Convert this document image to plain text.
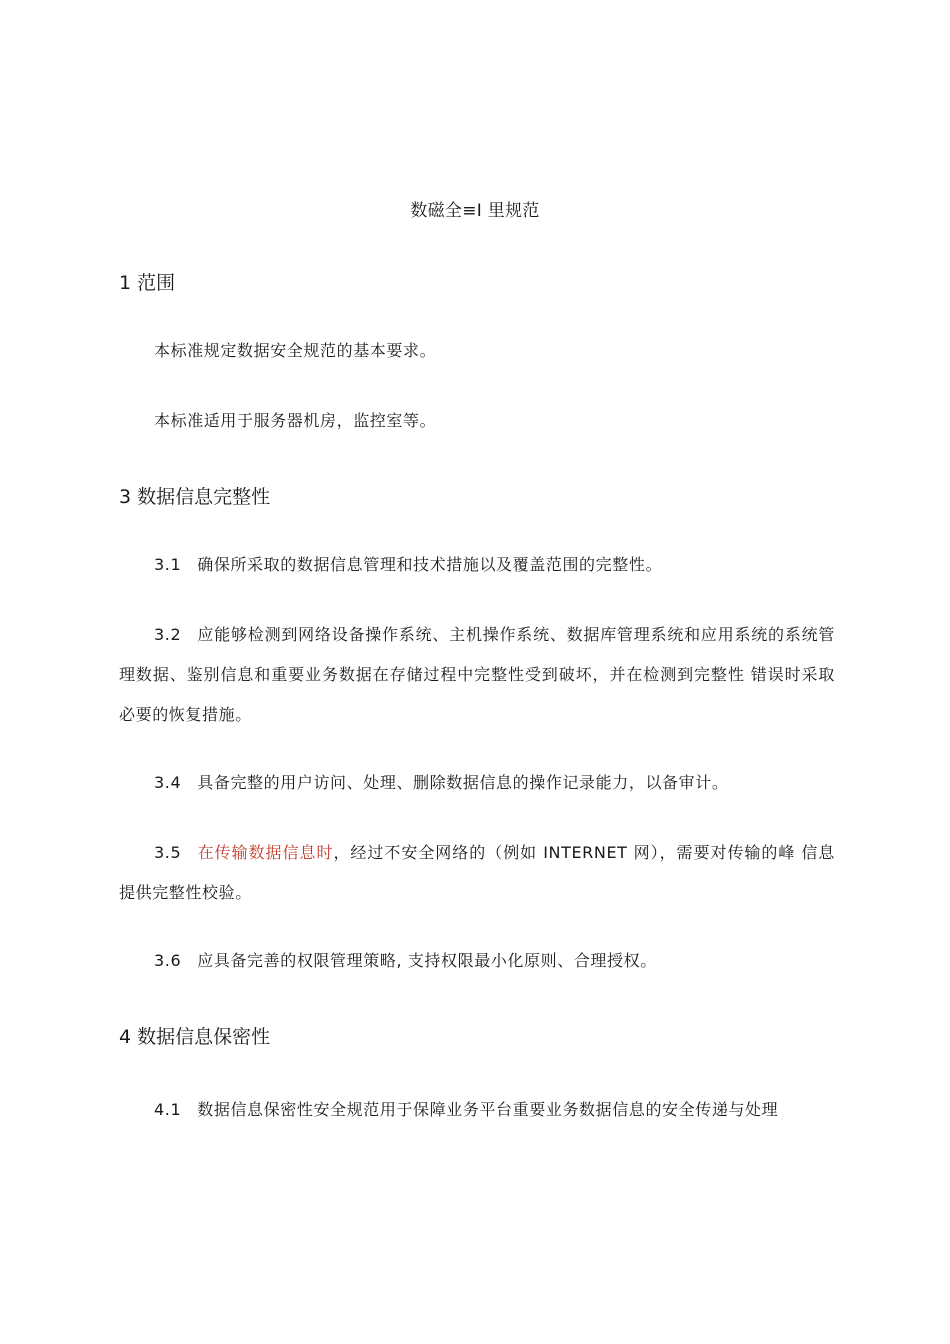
数磁全≡I 里规范
1 范围
本标准规定数据安全规范的基本要求。
本标准适用于服务器机房，监控室等。
3 数据信息完整性
3.1 确保所采取的数据信息管理和技术措施以及覆盖范围的完整性。
3.2 应能够检测到网络设备操作系统、主机操作系统、数据库管理系统和应用系统的系统管理数据、鉴别信息和重要业务数据在存储过程中完整性受到破坏，并在检测到完整性 错误时采取必要的恢复措施。
3.4 具备完整的用户访问、处理、删除数据信息的操作记录能力，以备审计。
3.5 在传输数据信息时，经过不安全网络的（例如 INTERNET 网），需要对传输的峰 信息提供完整性校验。
3.6 应具备完善的权限管理策略, 支持权限最小化原则、合理授权。
4 数据信息保密性
4.1 数据信息保密性安全规范用于保障业务平台重要业务数据信息的安全传递与处理
